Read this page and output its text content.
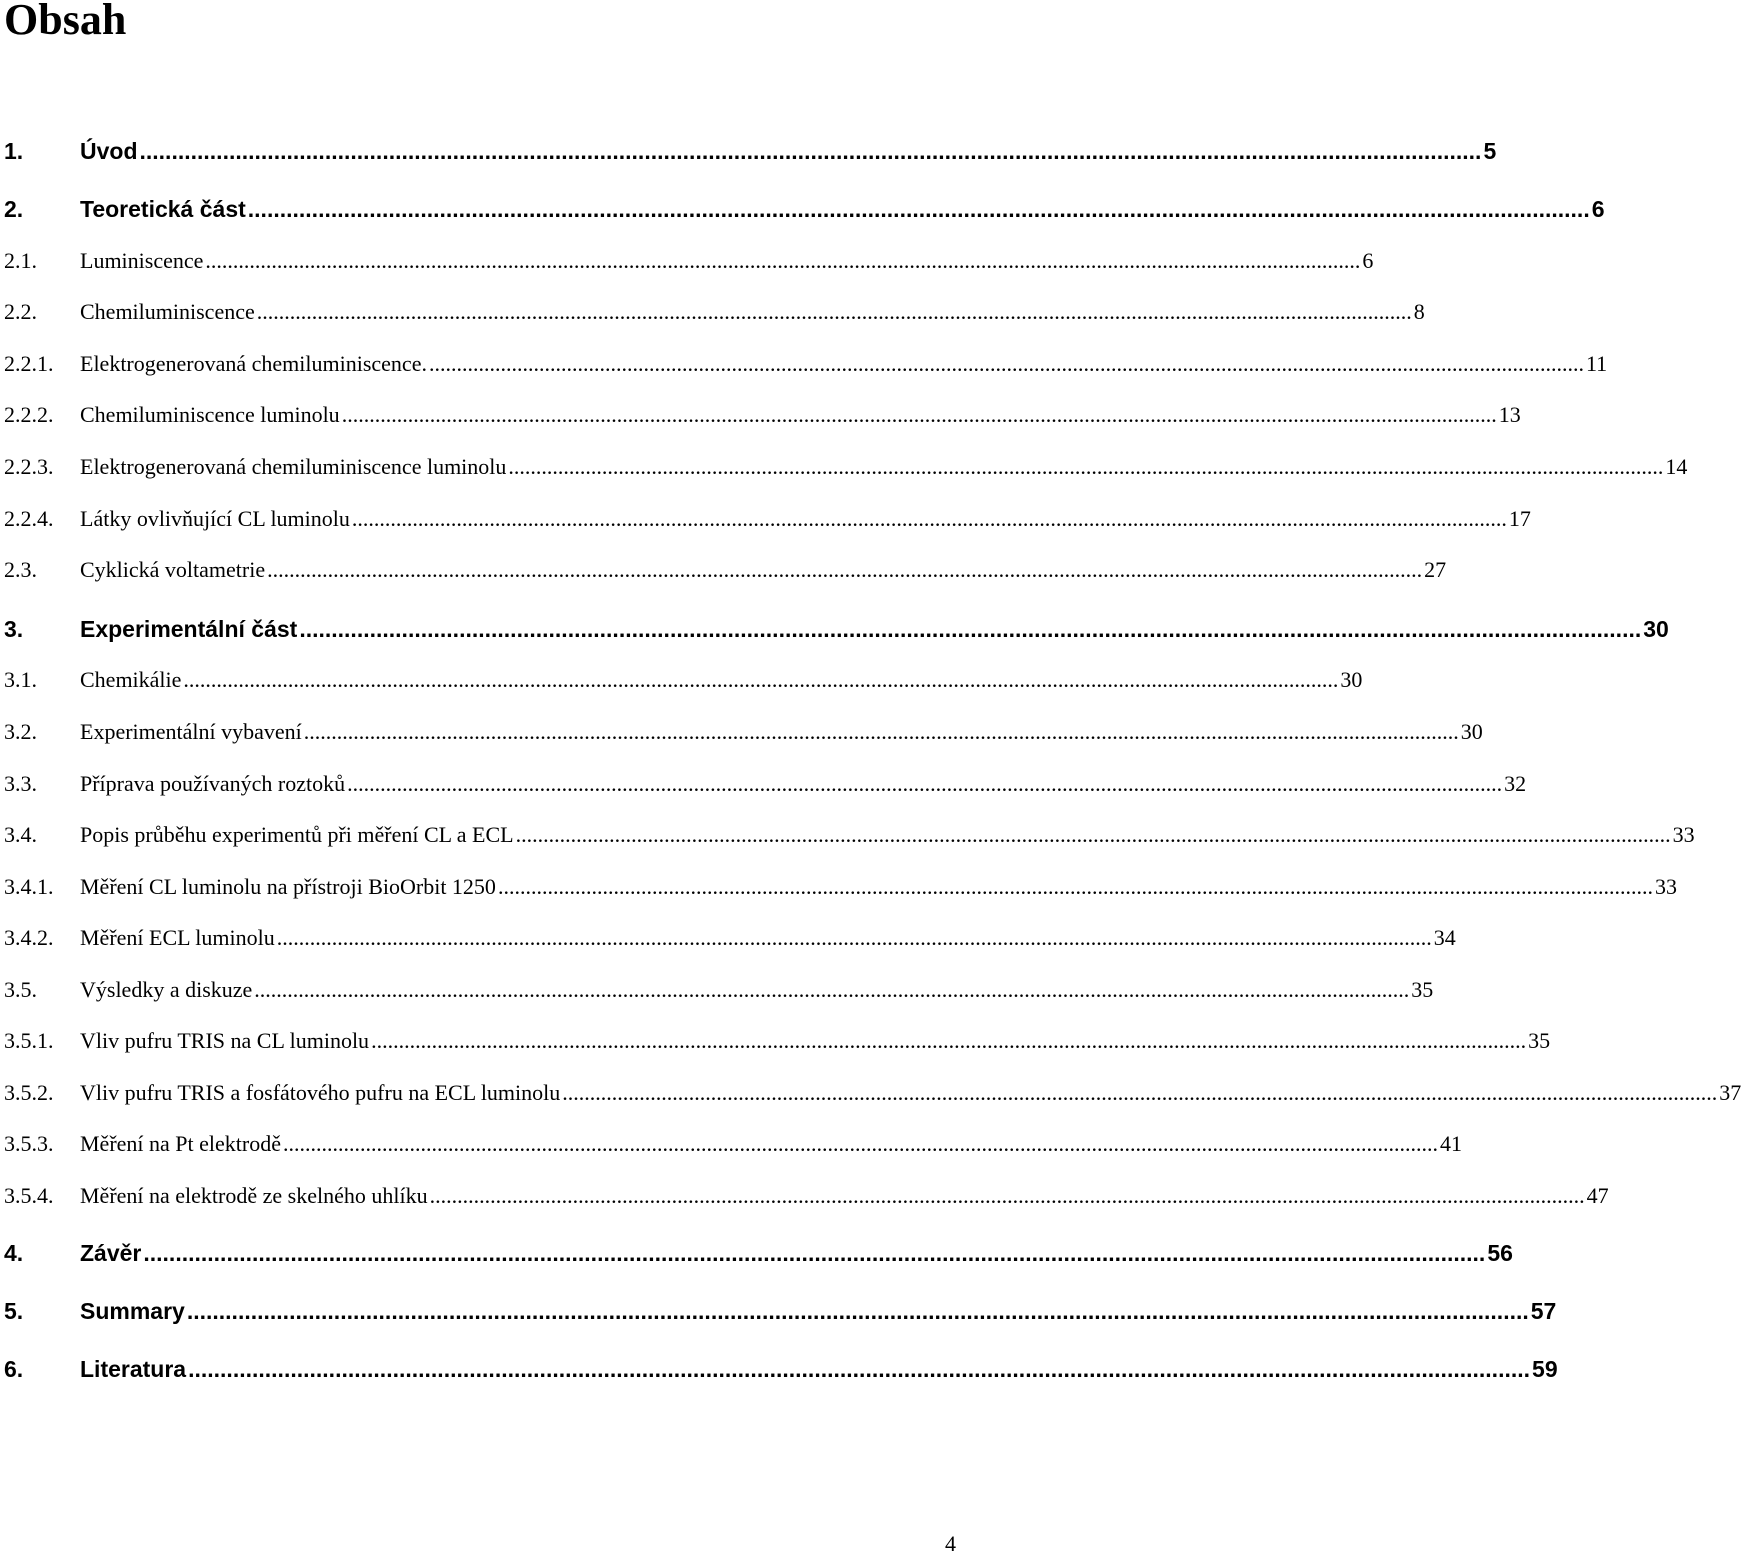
Obsah
1.	Úvod .....	5
2.	Teoretická část .....	6
2.1.	Luminiscence .....	6
2.2.	Chemiluminiscence .....	8
2.2.1.	Elektrogenerovaná chemiluminiscence. .....	11
2.2.2.	Chemiluminiscence luminolu .....	13
2.2.3.	Elektrogenerovaná chemiluminiscence luminolu .....	14
2.2.4.	Látky ovlivňující CL luminolu .....	17
2.3.	Cyklická voltametrie .....	27
3.	Experimentální část .....	30
3.1.	Chemikálie .....	30
3.2.	Experimentální vybavení .....	30
3.3.	Příprava používaných roztoků .....	32
3.4.	Popis průběhu experimentů při měření CL a ECL .....	33
3.4.1.	Měření CL luminolu na přístroji BioOrbit 1250 .....	33
3.4.2.	Měření ECL luminolu .....	34
3.5.	Výsledky a diskuze .....	35
3.5.1.	Vliv pufru TRIS na CL luminolu .....	35
3.5.2.	Vliv pufru TRIS a fosfátového pufru na ECL luminolu .....	37
3.5.3.	Měření na Pt elektrodě .....	41
3.5.4.	Měření na elektrodě ze skelného uhlíku .....	47
4.	Závěr .....	56
5.	Summary .....	57
6.	Literatura .....	59
4
